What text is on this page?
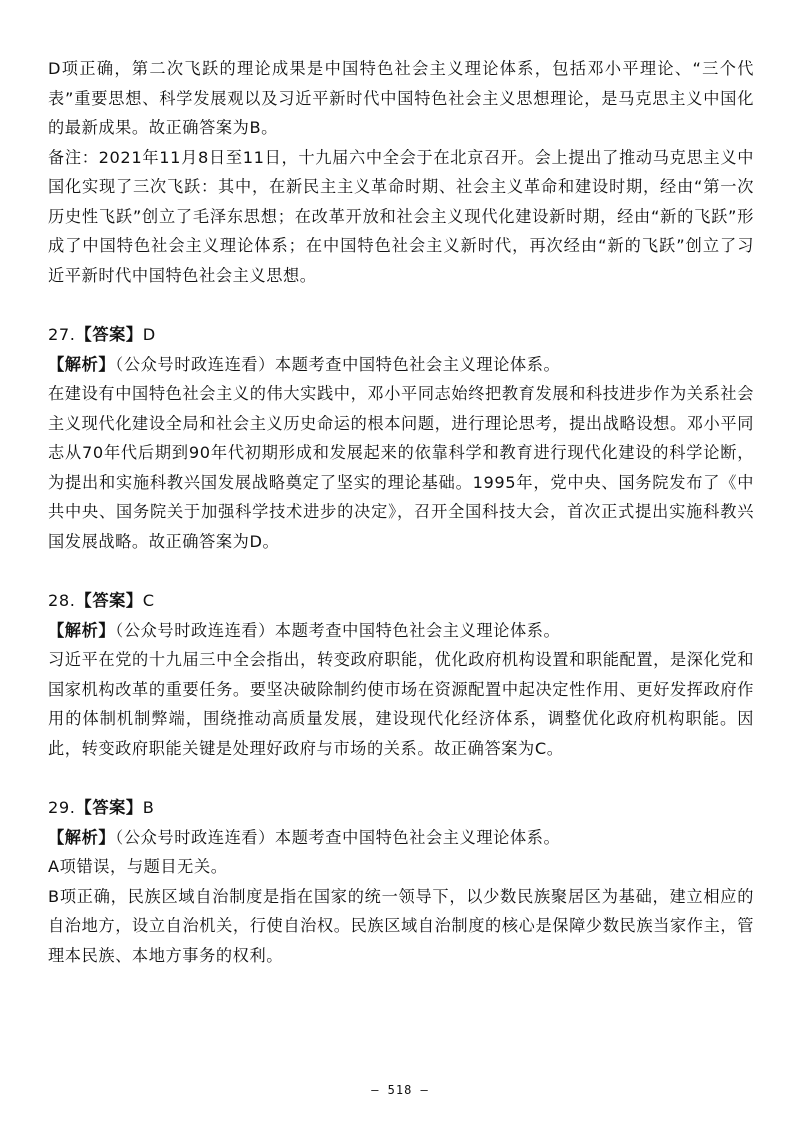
D项正确，第二次飞跃的理论成果是中国特色社会主义理论体系，包括邓小平理论、“三个代表”重要思想、科学发展观以及习近平新时代中国特色社会主义思想理论，是马克思主义中国化的最新成果。故正确答案为B。

备注：2021年11月8日至11日，十九届六中全会于在北京召开。会上提出了推动马克思主义中国化实现了三次飞跃：其中，在新民主主义革命时期、社会主义革命和建设时期，经由“第一次历史性飞跃”创立了毛泽东思想；在改革开放和社会主义现代化建设新时期，经由“新的飞跃”形成了中国特色社会主义理论体系；在中国特色社会主义新时代，再次经由“新的飞跃”创立了习近平新时代中国特色社会主义思想。

27.【答案】D

【解析】（公众号时政连连看）本题考查中国特色社会主义理论体系。

在建设有中国特色社会主义的伟大实践中，邓小平同志始终把教育发展和科技进步作为关系社会主义现代化建设全局和社会主义历史命运的根本问题，进行理论思考，提出战略设想。邓小平同志从70年代后期到90年代初期形成和发展起来的依靠科学和教育进行现代化建设的科学论断，为提出和实施科教兴国发展战略奠定了坚实的理论基础。1995年，党中央、国务院发布了《中共中央、国务院关于加强科学技术进步的决定》，召开全国科技大会，首次正式提出实施科教兴国发展战略。故正确答案为D。

28.【答案】C

【解析】（公众号时政连连看）本题考查中国特色社会主义理论体系。

习近平在党的十九届三中全会指出，转变政府职能，优化政府机构设置和职能配置，是深化党和国家机构改革的重要任务。要坚决破除制约使市场在资源配置中起决定性作用、更好发挥政府作用的体制机制弊端，围绕推动高质量发展，建设现代化经济体系，调整优化政府机构职能。因此，转变政府职能关键是处理好政府与市场的关系。故正确答案为C。

29.【答案】B

【解析】（公众号时政连连看）本题考查中国特色社会主义理论体系。

A项错误，与题目无关。

B项正确，民族区域自治制度是指在国家的统一领导下，以少数民族聚居区为基础，建立相应的自治地方，设立自治机关，行使自治权。民族区域自治制度的核心是保障少数民族当家作主，管理本民族、本地方事务的权利。

– 518 –
